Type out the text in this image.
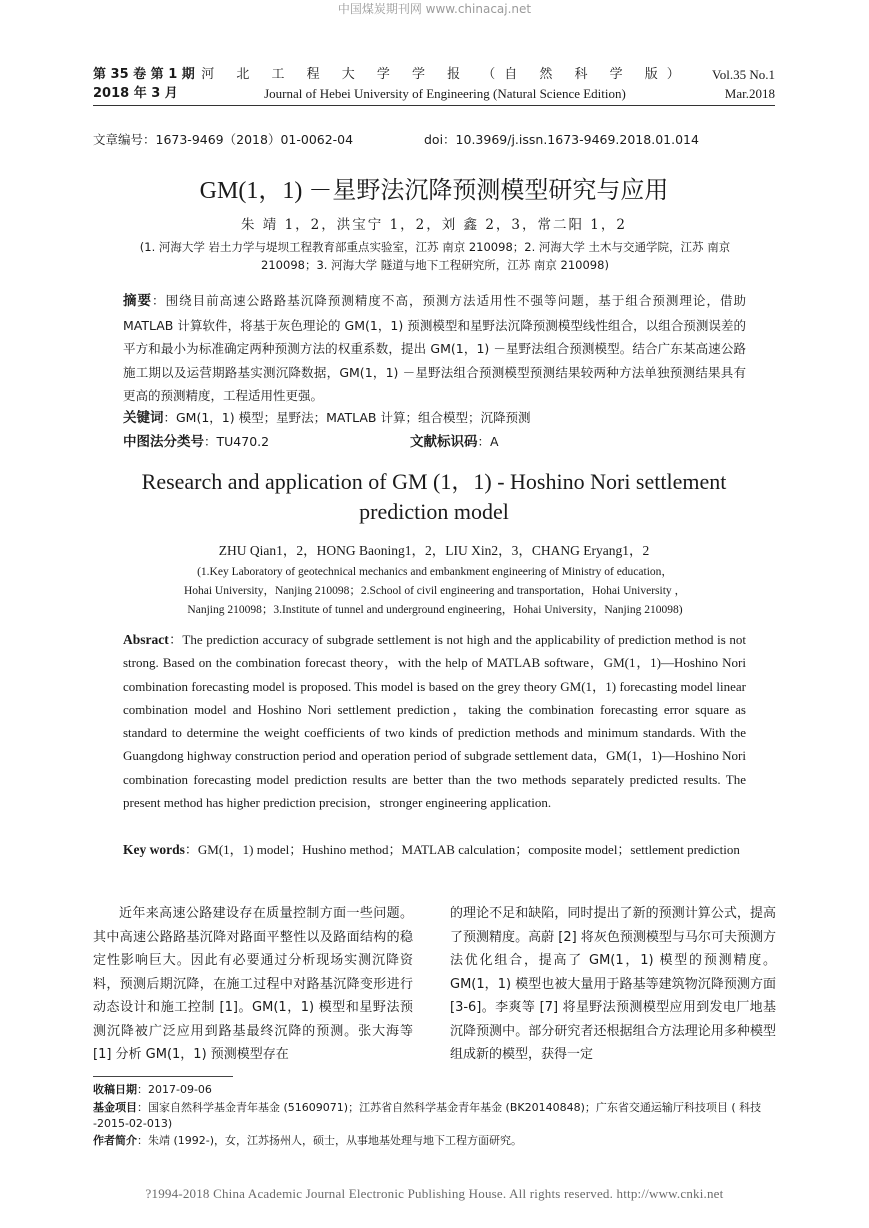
中国煤炭期刊网 www.chinacaj.net
第 35 卷 第 1 期
2018 年 3 月
河 北 工 程 大 学 学 报 （自 然 科 学 版）
Journal of Hebei University of Engineering (Natural Science Edition)
Vol.35 No.1
Mar.2018
文章编号：1673-9469（2018）01-0062-04	doi：10.3969/j.issn.1673-9469.2018.01.014
GM(1，1) －星野法沉降预测模型研究与应用
朱 靖 1，2，洪宝宁 1，2，刘 鑫 2，3，常二阳 1，2
(1. 河海大学 岩土力学与堤坝工程教育部重点实验室，江苏 南京 210098；2. 河海大学 土木与交通学院，江苏 南京 210098；3. 河海大学 隧道与地下工程研究所，江苏 南京 210098)
摘要：围绕目前高速公路路基沉降预测精度不高，预测方法适用性不强等问题，基于组合预测理论，借助 MATLAB 计算软件，将基于灰色理论的 GM(1，1) 预测模型和星野法沉降预测模型线性组合，以组合预测误差的平方和最小为标准确定两种预测方法的权重系数，提出 GM(1，1) －星野法组合预测模型。结合广东某高速公路施工期以及运营期路基实测沉降数据，GM(1，1) －星野法组合预测模型预测结果较两种方法单独预测结果具有更高的预测精度，工程适用性更强。
关键词：GM(1，1) 模型；星野法；MATLAB 计算；组合模型；沉降预测
中图法分类号：TU470.2	文献标识码：A
Research and application of GM (1，1) - Hoshino Nori settlement
prediction model
ZHU Qian1，2，HONG Baoning1，2，LIU Xin2，3，CHANG Eryang1，2
(1.Key Laboratory of geotechnical mechanics and embankment engineering of Ministry of education，
Hohai University，Nanjing 210098；2.School of civil engineering and transportation，Hohai University ，
Nanjing 210098；3.Institute of tunnel and underground engineering，Hohai University，Nanjing 210098)
Absract：The prediction accuracy of subgrade settlement is not high and the applicability of prediction method is not strong. Based on the combination forecast theory，with the help of MATLAB software，GM(1，1)—Hoshino Nori combination forecasting model is proposed. This model is based on the grey theory GM(1，1) forecasting model linear combination model and Hoshino Nori settlement prediction，taking the combination forecasting error square as standard to determine the weight coefficients of two kinds of prediction methods and minimum standards. With the Guangdong highway construction period and operation period of subgrade settlement data，GM(1，1)—Hoshino Nori combination forecasting model prediction results are better than the two methods separately predicted results. The present method has higher prediction precision，stronger engineering application.
Key words：GM(1，1) model；Hushino method；MATLAB calculation；composite model；settlement prediction
近年来高速公路建设存在质量控制方面一些问题。其中高速公路路基沉降对路面平整性以及路面结构的稳定性影响巨大。因此有必要通过分析现场实测沉降资料，预测后期沉降，在施工过程中对路基沉降变形进行动态设计和施工控制 [1]。GM(1，1) 模型和星野法预测沉降被广泛应用到路基最终沉降的预测。张大海等 [1] 分析 GM(1，1) 预测模型存在
的理论不足和缺陷，同时提出了新的预测计算公式，提高了预测精度。高蔚 [2] 将灰色预测模型与马尔可夫预测方法优化组合，提高了 GM(1，1) 模型的预测精度。GM(1，1) 模型也被大量用于路基等建筑物沉降预测方面 [3-6]。李爽等 [7] 将星野法预测模型应用到发电厂地基沉降预测中。部分研究者还根据组合方法理论用多种模型组成新的模型，获得一定
收稿日期：2017-09-06
基金项目：国家自然科学基金青年基金 (51609071)；江苏省自然科学基金青年基金 (BK20140848)；广东省交通运输厅科技项目 ( 科技 -2015-02-013)
作者简介：朱靖 (1992-)，女，江苏扬州人，硕士，从事地基处理与地下工程方面研究。
?1994-2018 China Academic Journal Electronic Publishing House. All rights reserved. http://www.cnki.net
